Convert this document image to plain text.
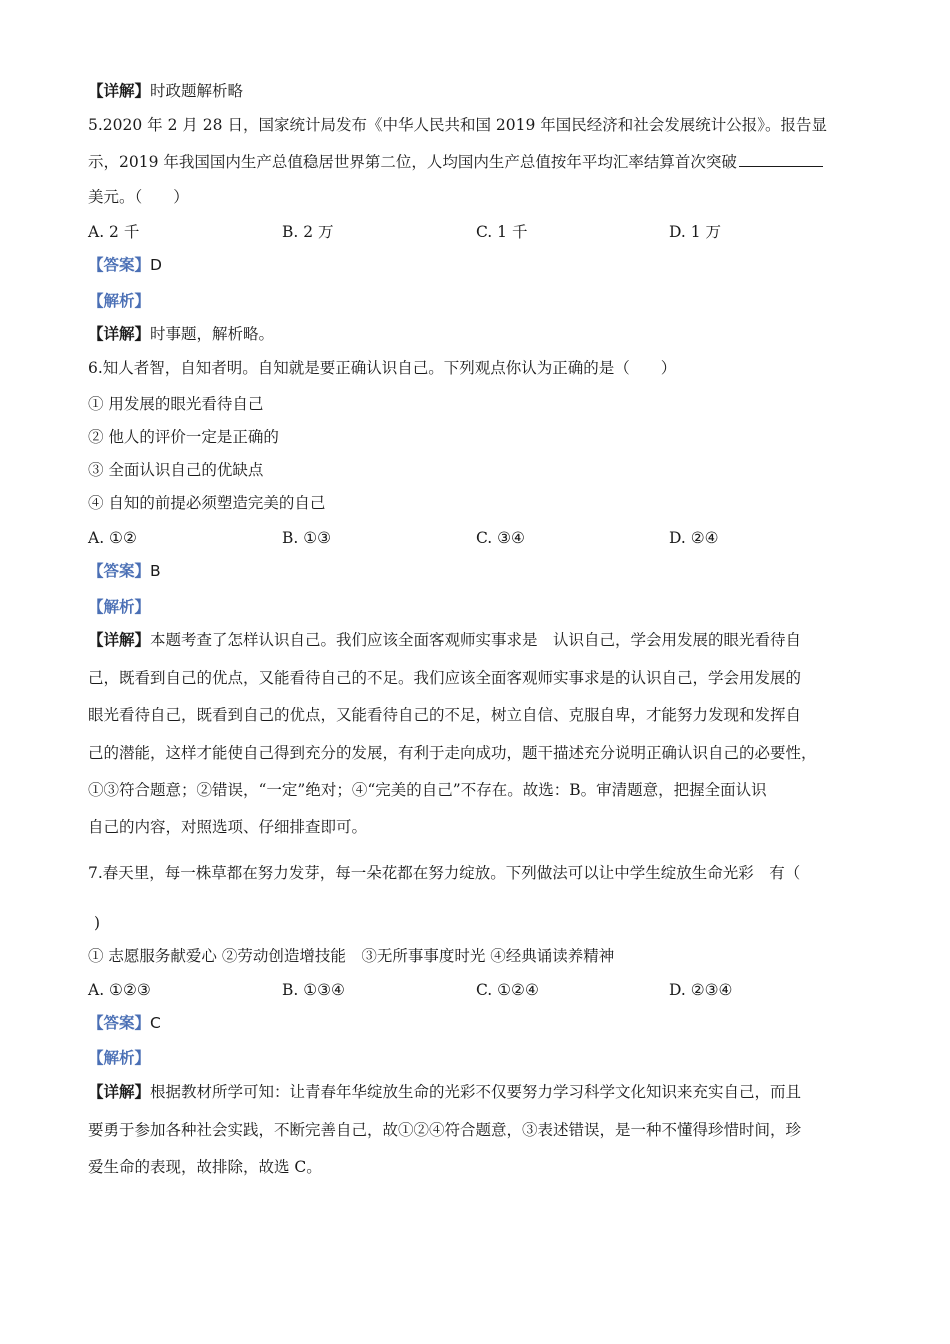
【详解】时政题解析略
5.2020 年 2 月 28 日，国家统计局发布《中华人民共和国 2019 年国民经济和社会发展统计公报》。报告显
示，2019 年我国国内生产总值稳居世界第二位，人均国内生产总值按年平均汇率结算首次突破
美元。（　　）
A. 2 千	B. 2 万	C. 1 千	D. 1 万
【答案】D
【解析】
【详解】时事题，解析略。
6.知人者智，自知者明。自知就是要正确认识自己。下列观点你认为正确的是（　　）
① 用发展的眼光看待自己
② 他人的评价一定是正确的
③ 全面认识自己的优缺点
④ 自知的前提必须塑造完美的自己
A. ①②	B. ①③	C. ③④	D. ②④
【答案】B
【解析】
【详解】本题考查了怎样认识自己。我们应该全面客观师实事求是　认识自己，学会用发展的眼光看待自
己，既看到自己的优点，又能看待自己的不足。我们应该全面客观师实事求是的认识自己，学会用发展的
眼光看待自己，既看到自己的优点，又能看待自己的不足，树立自信、克服自卑，才能努力发现和发挥自
己的潜能，这样才能使自己得到充分的发展，有利于走向成功，题干描述充分说明正确认识自己的必要性，
①③符合题意；②错误，“一定”绝对；④“完美的自己”不存在。故选：B。审清题意，把握全面认识
自己的内容，对照选项、仔细排查即可。
7.春天里，每一株草都在努力发芽，每一朵花都在努力绽放。下列做法可以让中学生绽放生命光彩　有（
)
① 志愿服务献爱心 ②劳动创造增技能　③无所事事度时光 ④经典诵读养精神
A. ①②③	B. ①③④	C. ①②④	D. ②③④
【答案】C
【解析】
【详解】根据教材所学可知：让青春年华绽放生命的光彩不仅要努力学习科学文化知识来充实自己，而且
要勇于参加各种社会实践，不断完善自己，故①②④符合题意，③表述错误，是一种不懂得珍惜时间，珍
爱生命的表现，故排除，故选 C。
